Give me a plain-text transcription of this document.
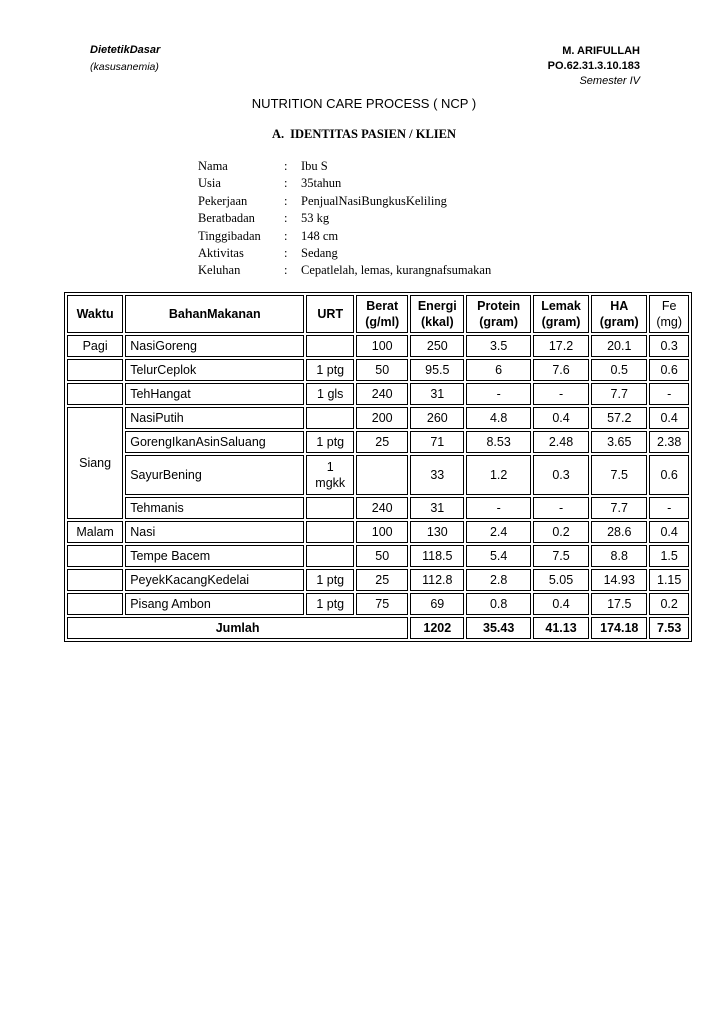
DietetikDasar
(kasusanemia)
M. ARIFULLAH
PO.62.31.3.10.183
Semester IV
NUTRITION CARE PROCESS ( NCP )
A. IDENTITAS PASIEN / KLIEN
Nama	:	Ibu S
Usia	:	35tahun
Pekerjaan	:	PenjualNasiBungkusKeliling
Beratbadan	:	53 kg
Tinggibadan	:	148 cm
Aktivitas	:	Sedang
Keluhan	:	Cepatlelah, lemas, kurangnafsumakan
Waktu	BahanMakanan	URT	Berat (g/ml)	Energi (kkal)	Protein (gram)	Lemak (gram)	HA (gram)	Fe (mg)
Pagi	NasiGoreng		100	250	3.5	17.2	20.1	0.3
	TelurCeplok	1 ptg	50	95.5	6	7.6	0.5	0.6
	TehHangat	1 gls	240	31	-	-	7.7	-
Siang	NasiPutih		200	260	4.8	0.4	57.2	0.4
	GorengIkanAsinSaluang	1 ptg	25	71	8.53	2.48	3.65	2.38
	SayurBening	1 mgkk		33	1.2	0.3	7.5	0.6
	Tehmanis		240	31	-	-	7.7	-
Malam	Nasi		100	130	2.4	0.2	28.6	0.4
	Tempe Bacem		50	118.5	5.4	7.5	8.8	1.5
	PeyekKacangKedelai	1 ptg	25	112.8	2.8	5.05	14.93	1.15
	Pisang Ambon	1 ptg	75	69	0.8	0.4	17.5	0.2
Jumlah				1202	35.43	41.13	174.18	7.53
